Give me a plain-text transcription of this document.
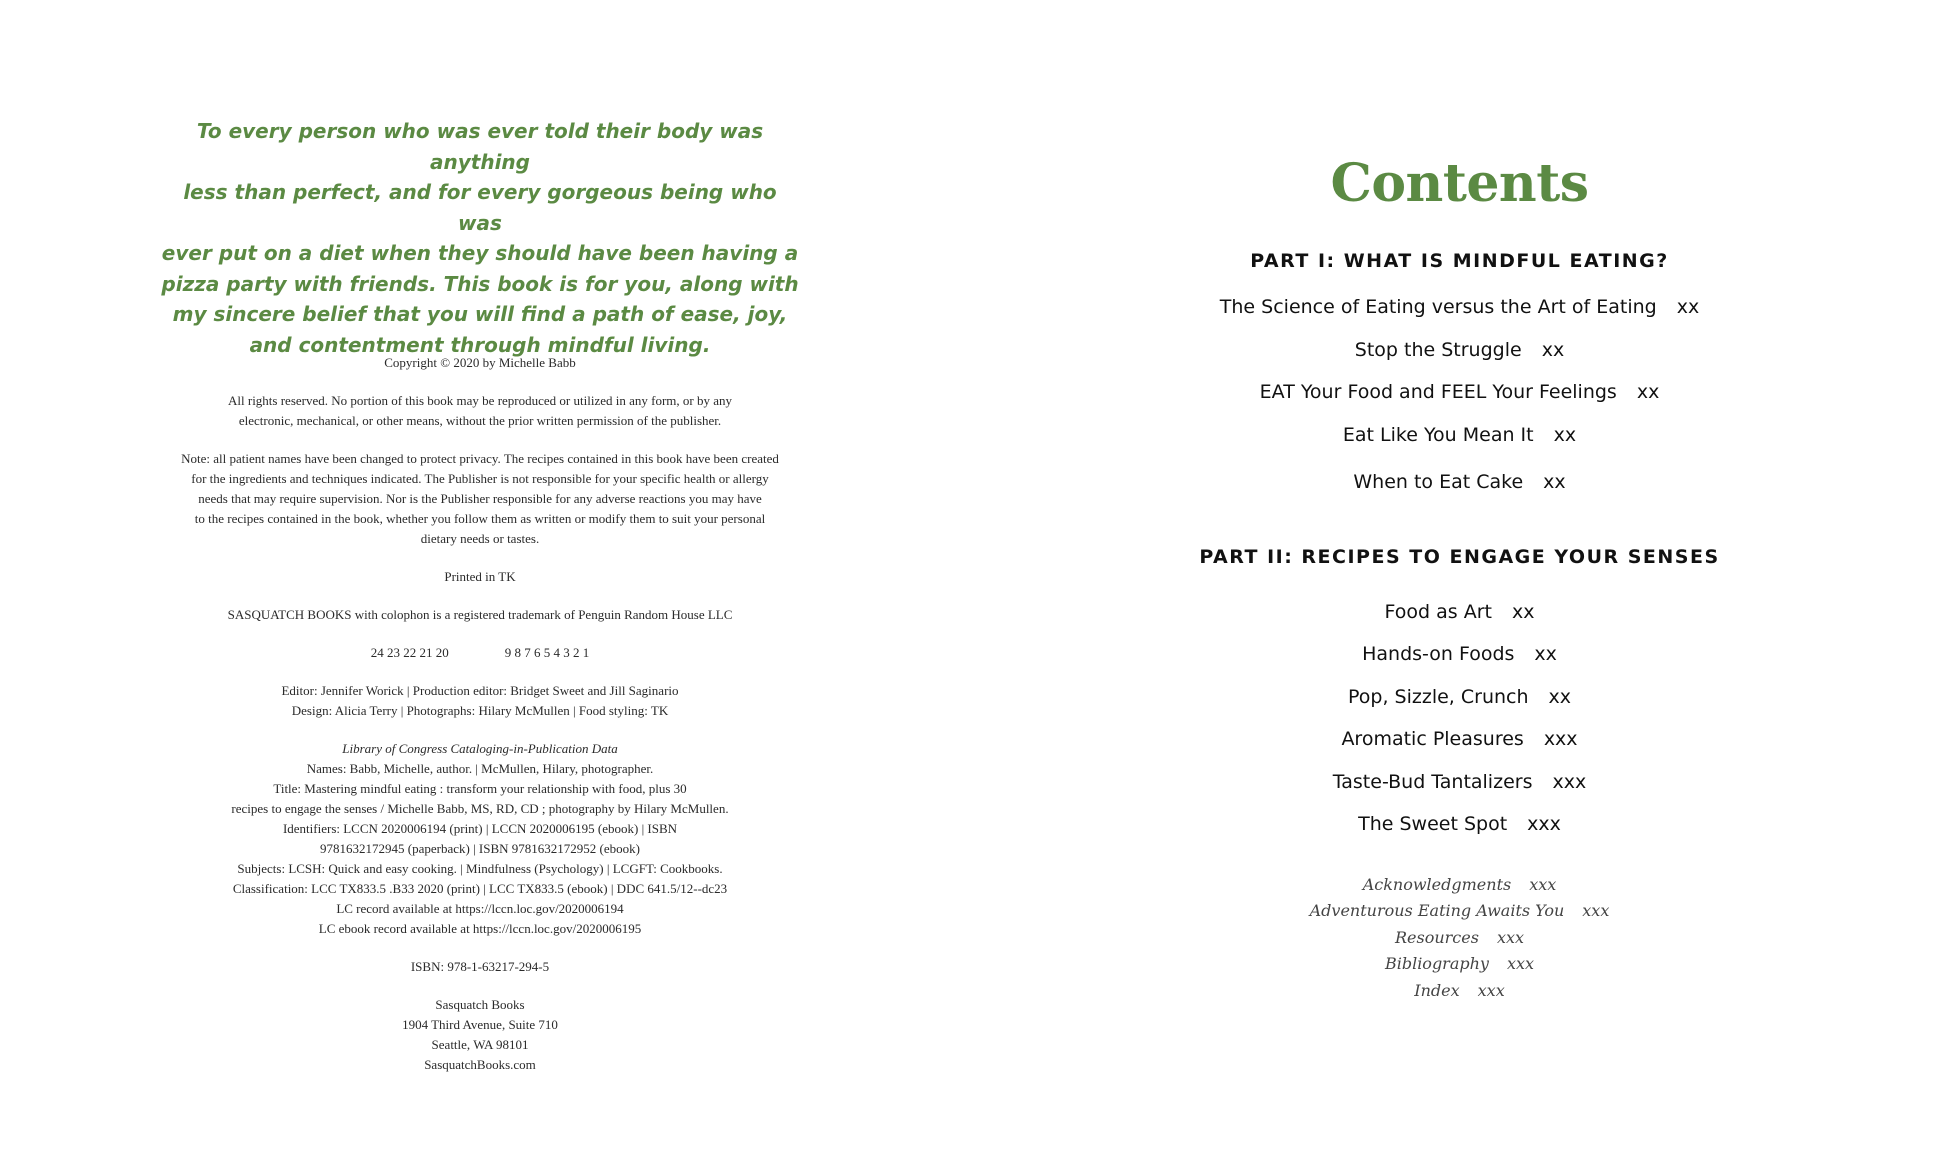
To every person who was ever told their body was anything
less than perfect, and for every gorgeous being who was
ever put on a diet when they should have been having a
pizza party with friends. This book is for you, along with
my sincere belief that you will find a path of ease, joy,
and contentment through mindful living.
Copyright © 2020 by Michelle Babb
All rights reserved. No portion of this book may be reproduced or utilized in any form, or by any
electronic, mechanical, or other means, without the prior written permission of the publisher.
Note: all patient names have been changed to protect privacy. The recipes contained in this book have been created
for the ingredients and techniques indicated. The Publisher is not responsible for your specific health or allergy
needs that may require supervision. Nor is the Publisher responsible for any adverse reactions you may have
to the recipes contained in the book, whether you follow them as written or modify them to suit your personal
dietary needs or tastes.
Printed in TK
SASQUATCH BOOKS with colophon is a registered trademark of Penguin Random House LLC
24 23 22 21 20	9 8 7 6 5 4 3 2 1
Editor: Jennifer Worick | Production editor: Bridget Sweet and Jill Saginario
Design: Alicia Terry | Photographs: Hilary McMullen | Food styling: TK
Library of Congress Cataloging-in-Publication Data
Names: Babb, Michelle, author. | McMullen, Hilary, photographer.
Title: Mastering mindful eating : transform your relationship with food, plus 30
recipes to engage the senses / Michelle Babb, MS, RD, CD ; photography by Hilary McMullen.
Identifiers: LCCN 2020006194 (print) | LCCN 2020006195 (ebook) | ISBN
9781632172945 (paperback) | ISBN 9781632172952 (ebook)
Subjects: LCSH: Quick and easy cooking. | Mindfulness (Psychology) | LCGFT: Cookbooks.
Classification: LCC TX833.5 .B33 2020 (print) | LCC TX833.5 (ebook) | DDC 641.5/12--dc23
LC record available at https://lccn.loc.gov/2020006194
LC ebook record available at https://lccn.loc.gov/2020006195
ISBN: 978-1-63217-294-5
Sasquatch Books
1904 Third Avenue, Suite 710
Seattle, WA 98101
SasquatchBooks.com
Contents
PART I: WHAT IS MINDFUL EATING?
The Science of Eating versus the Art of Eating xx
Stop the Struggle xx
EAT Your Food and FEEL Your Feelings xx
Eat Like You Mean It xx
When to Eat Cake xx
PART II: RECIPES TO ENGAGE YOUR SENSES
Food as Art xx
Hands-on Foods xx
Pop, Sizzle, Crunch xx
Aromatic Pleasures xxx
Taste-Bud Tantalizers xxx
The Sweet Spot xxx
Acknowledgments xxx
Adventurous Eating Awaits You xxx
Resources xxx
Bibliography xxx
Index xxx
